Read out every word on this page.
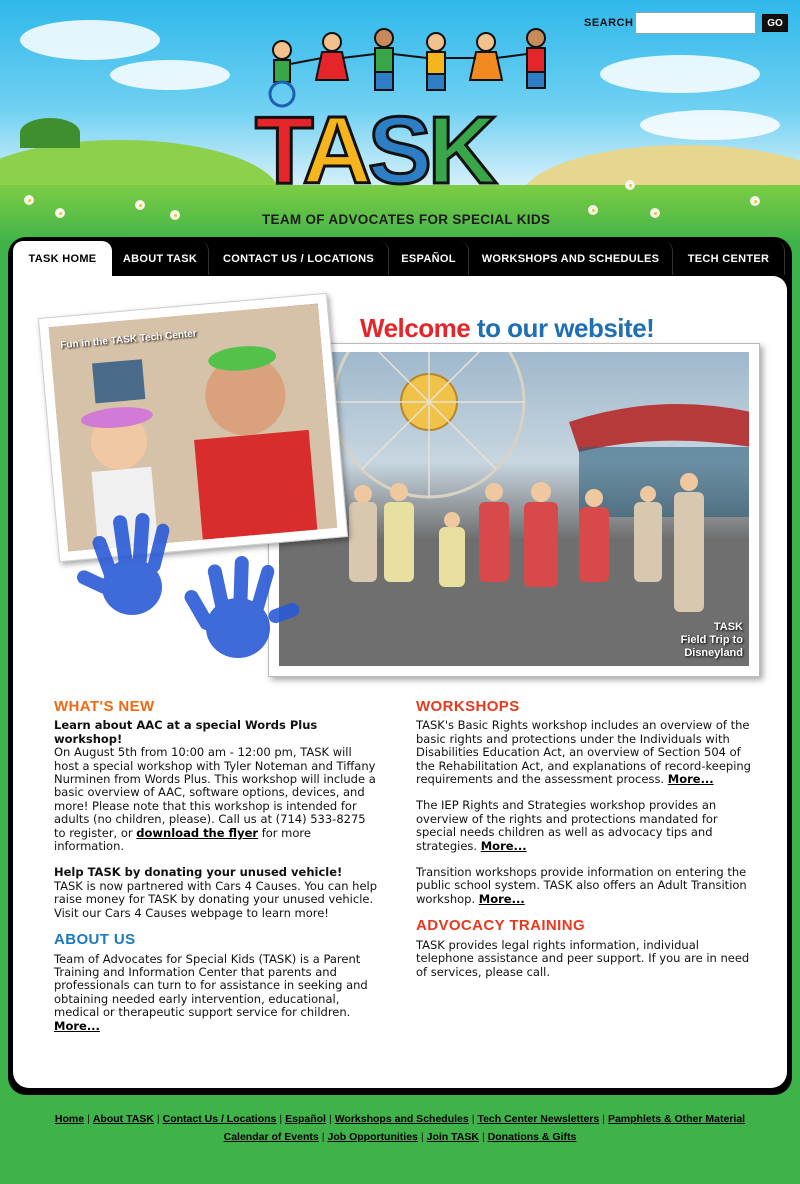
SEARCH	GO
TASK
TEAM OF ADVOCATES FOR SPECIAL KIDS
TASK HOME	ABOUT TASK	CONTACT US / LOCATIONS	ESPAÑOL	WORKSHOPS AND SCHEDULES	TECH CENTER
Welcome to our website!
TASK
Field Trip to
Disneyland
Fun in the TASK Tech Center
WHAT'S NEW
Learn about AAC at a special Words Plus workshop!
On August 5th from 10:00 am - 12:00 pm, TASK will host a special workshop with Tyler Noteman and Tiffany Nurminen from Words Plus. This workshop will include a basic overview of AAC, software options, devices, and more! Please note that this workshop is intended for adults (no children, please). Call us at (714) 533-8275 to register, or download the flyer for more information.
Help TASK by donating your unused vehicle!
TASK is now partnered with Cars 4 Causes. You can help raise money for TASK by donating your unused vehicle. Visit our Cars 4 Causes webpage to learn more!
ABOUT US
Team of Advocates for Special Kids (TASK) is a Parent Training and Information Center that parents and professionals can turn to for assistance in seeking and obtaining needed early intervention, educational, medical or therapeutic support service for children. More...
WORKSHOPS
TASK's Basic Rights workshop includes an overview of the basic rights and protections under the Individuals with Disabilities Education Act, an overview of Section 504 of the Rehabilitation Act, and explanations of record-keeping requirements and the assessment process. More...
The IEP Rights and Strategies workshop provides an overview of the rights and protections mandated for special needs children as well as advocacy tips and strategies. More...
Transition workshops provide information on entering the public school system. TASK also offers an Adult Transition workshop. More...
ADVOCACY TRAINING
TASK provides legal rights information, individual telephone assistance and peer support. If you are in need of services, please call.
Home | About TASK | Contact Us / Locations | Español | Workshops and Schedules | Tech Center Newsletters | Pamphlets & Other Material
Calendar of Events | Job Opportunities | Join TASK | Donations & Gifts
